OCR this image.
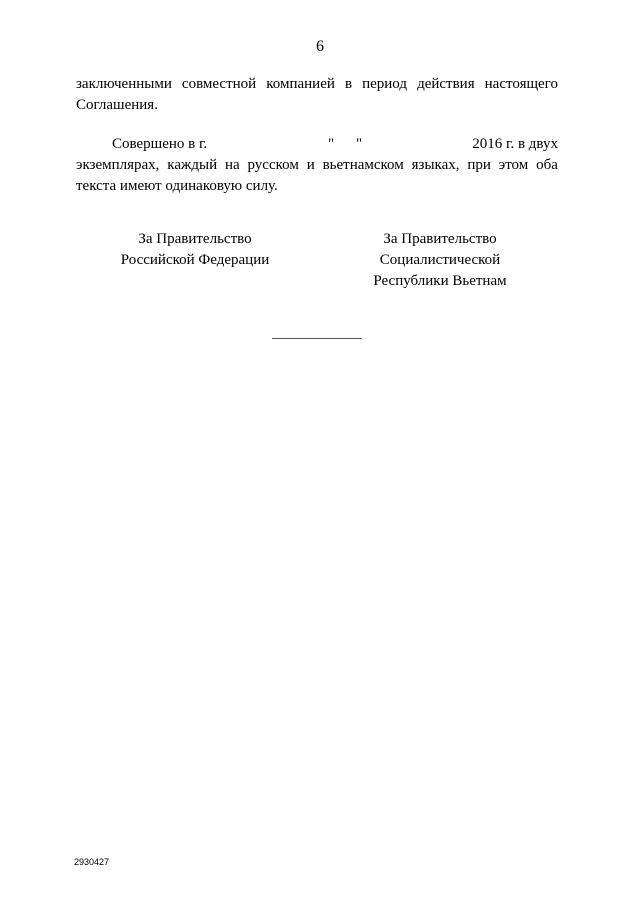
6
заключенными совместной компанией в период действия настоящего
Соглашения.
Совершено в г.	" "	2016 г. в двух
экземплярах, каждый на русском и вьетнамском языках, при этом оба
текста имеют одинаковую силу.
За Правительство
Российской Федерации
За Правительство
Социалистической
Республики Вьетнам
2930427
